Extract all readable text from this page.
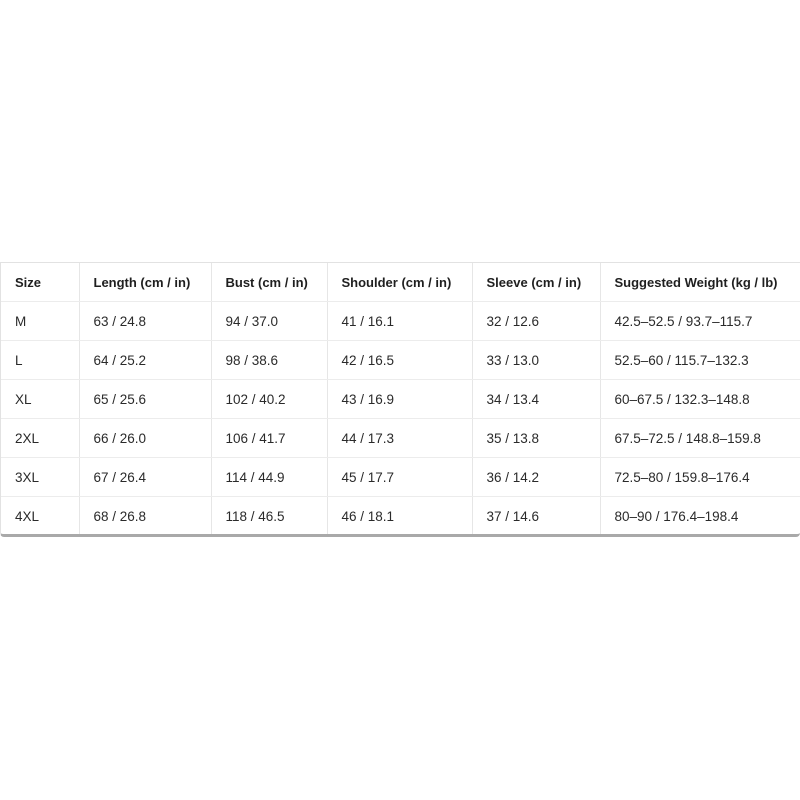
Size	Length (cm / in)	Bust (cm / in)	Shoulder (cm / in)	Sleeve (cm / in)	Suggested Weight (kg / lb)
M	63 / 24.8	94 / 37.0	41 / 16.1	32 / 12.6	42.5–52.5 / 93.7–115.7
L	64 / 25.2	98 / 38.6	42 / 16.5	33 / 13.0	52.5–60 / 115.7–132.3
XL	65 / 25.6	102 / 40.2	43 / 16.9	34 / 13.4	60–67.5 / 132.3–148.8
2XL	66 / 26.0	106 / 41.7	44 / 17.3	35 / 13.8	67.5–72.5 / 148.8–159.8
3XL	67 / 26.4	114 / 44.9	45 / 17.7	36 / 14.2	72.5–80 / 159.8–176.4
4XL	68 / 26.8	118 / 46.5	46 / 18.1	37 / 14.6	80–90 / 176.4–198.4
